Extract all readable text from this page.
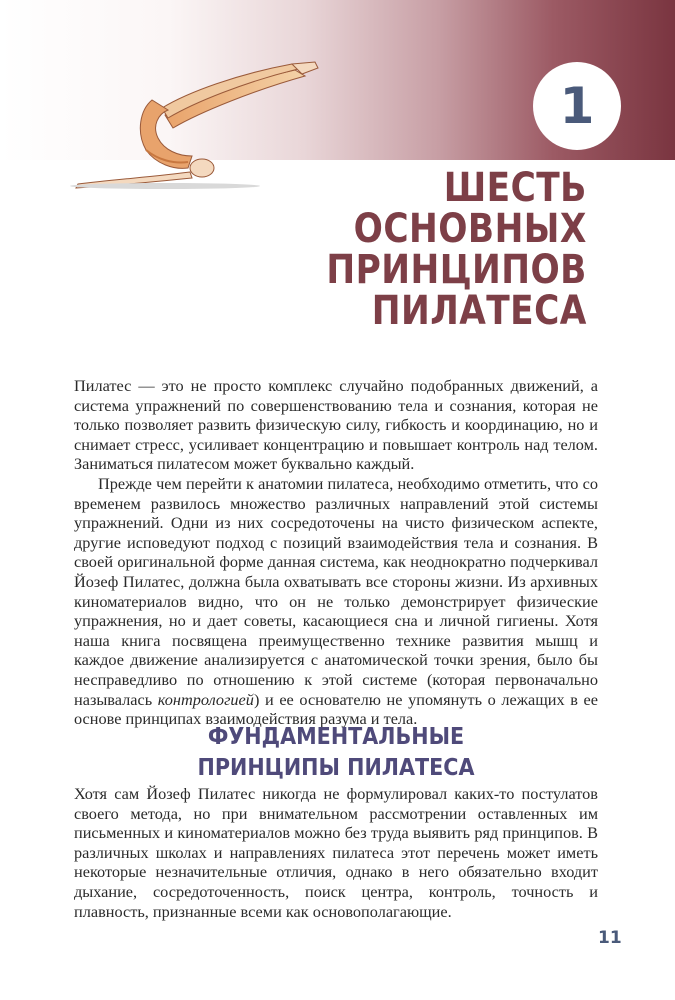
1
ШЕСТЬ
ОСНОВНЫХ
ПРИНЦИПОВ
ПИЛАТЕСА

Пилатес — это не просто комплекс случайно подобранных движений, а система упражнений по совершенствованию тела и сознания, которая не только позволяет развить физическую силу, гибкость и координацию, но и снимает стресс, усиливает концентрацию и повышает контроль над телом. Заниматься пилатесом может буквально каждый.

Прежде чем перейти к анатомии пилатеса, необходимо отметить, что со временем развилось множество различных направлений этой системы упражнений. Одни из них сосредоточены на чисто физическом аспекте, другие исповедуют подход с позиций взаимодействия тела и сознания. В своей оригинальной форме данная система, как неоднократно подчеркивал Йозеф Пилатес, должна была охватывать все стороны жизни. Из архивных киноматериалов видно, что он не только демонстрирует физические упражнения, но и дает советы, касающиеся сна и личной гигиены. Хотя наша книга посвящена преимущественно технике развития мышц и каждое движение анализируется с анатомической точки зрения, было бы несправедливо по отношению к этой системе (которая первоначально называлась контрологией) и ее основателю не упомянуть о лежащих в ее основе принципах взаимодействия разума и тела.

ФУНДАМЕНТАЛЬНЫЕ
ПРИНЦИПЫ ПИЛАТЕСА

Хотя сам Йозеф Пилатес никогда не формулировал каких-то постулатов своего метода, но при внимательном рассмотрении оставленных им письменных и киноматериалов можно без труда выявить ряд принципов. В различных школах и направлениях пилатеса этот перечень может иметь некоторые незначительные отличия, однако в него обязательно входит дыхание, сосредоточенность, поиск центра, контроль, точность и плавность, признанные всеми как основополагающие.

11
